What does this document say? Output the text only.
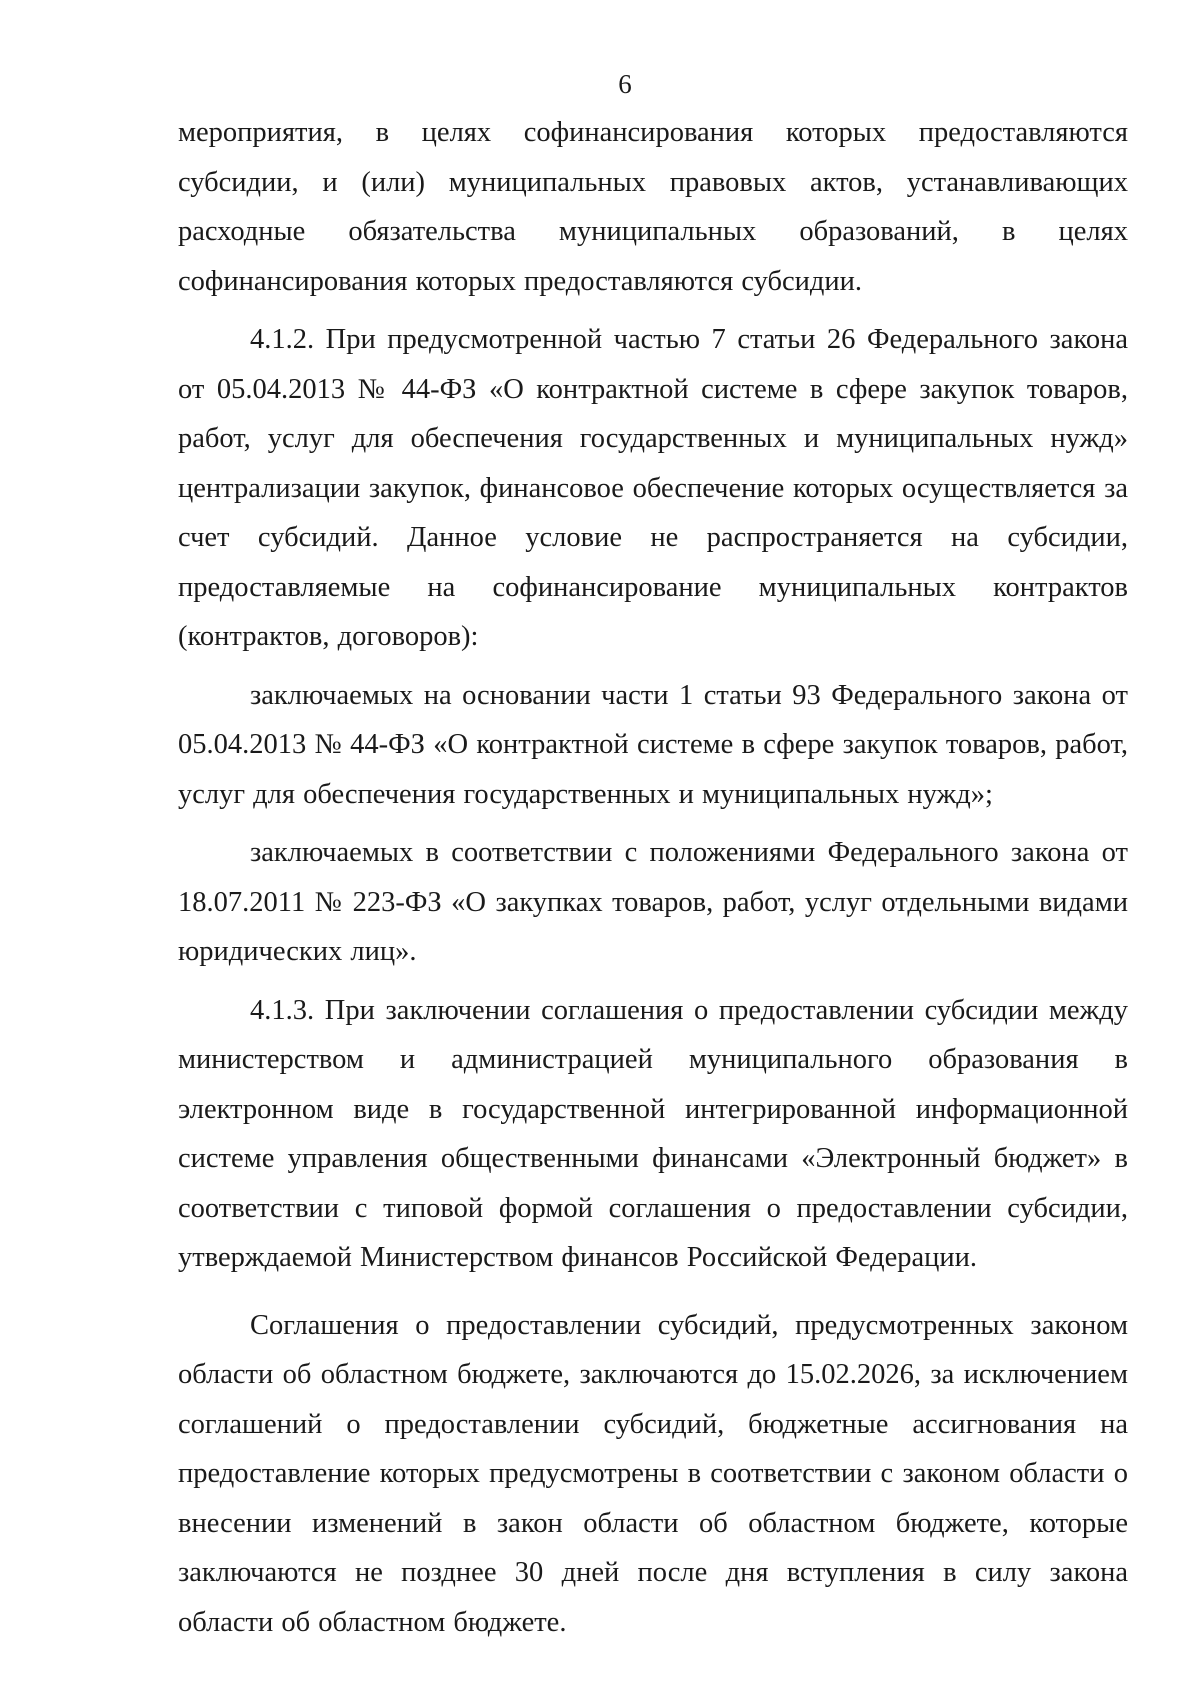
6

мероприятия, в целях софинансирования которых предоставляются субсидии, и (или) муниципальных правовых актов, устанавливающих расходные обязательства муниципальных образований, в целях софинансирования которых предоставляются субсидии.

4.1.2. При предусмотренной частью 7 статьи 26 Федерального закона от 05.04.2013 № 44-ФЗ «О контрактной системе в сфере закупок товаров, работ, услуг для обеспечения государственных и муниципальных нужд» централизации закупок, финансовое обеспечение которых осуществляется за счет субсидий. Данное условие не распространяется на субсидии, предоставляемые на софинансирование муниципальных контрактов (контрактов, договоров):

заключаемых на основании части 1 статьи 93 Федерального закона от 05.04.2013 № 44-ФЗ «О контрактной системе в сфере закупок товаров, работ, услуг для обеспечения государственных и муниципальных нужд»;

заключаемых в соответствии с положениями Федерального закона от 18.07.2011 № 223-ФЗ «О закупках товаров, работ, услуг отдельными видами юридических лиц».

4.1.3. При заключении соглашения о предоставлении субсидии между министерством и администрацией муниципального образования в электронном виде в государственной интегрированной информационной системе управления общественными финансами «Электронный бюджет» в соответствии с типовой формой соглашения о предоставлении субсидии, утверждаемой Министерством финансов Российской Федерации.

Соглашения о предоставлении субсидий, предусмотренных законом области об областном бюджете, заключаются до 15.02.2026, за исключением соглашений о предоставлении субсидий, бюджетные ассигнования на предоставление которых предусмотрены в соответствии с законом области о внесении изменений в закон области об областном бюджете, которые заключаются не позднее 30 дней после дня вступления в силу закона области об областном бюджете.
